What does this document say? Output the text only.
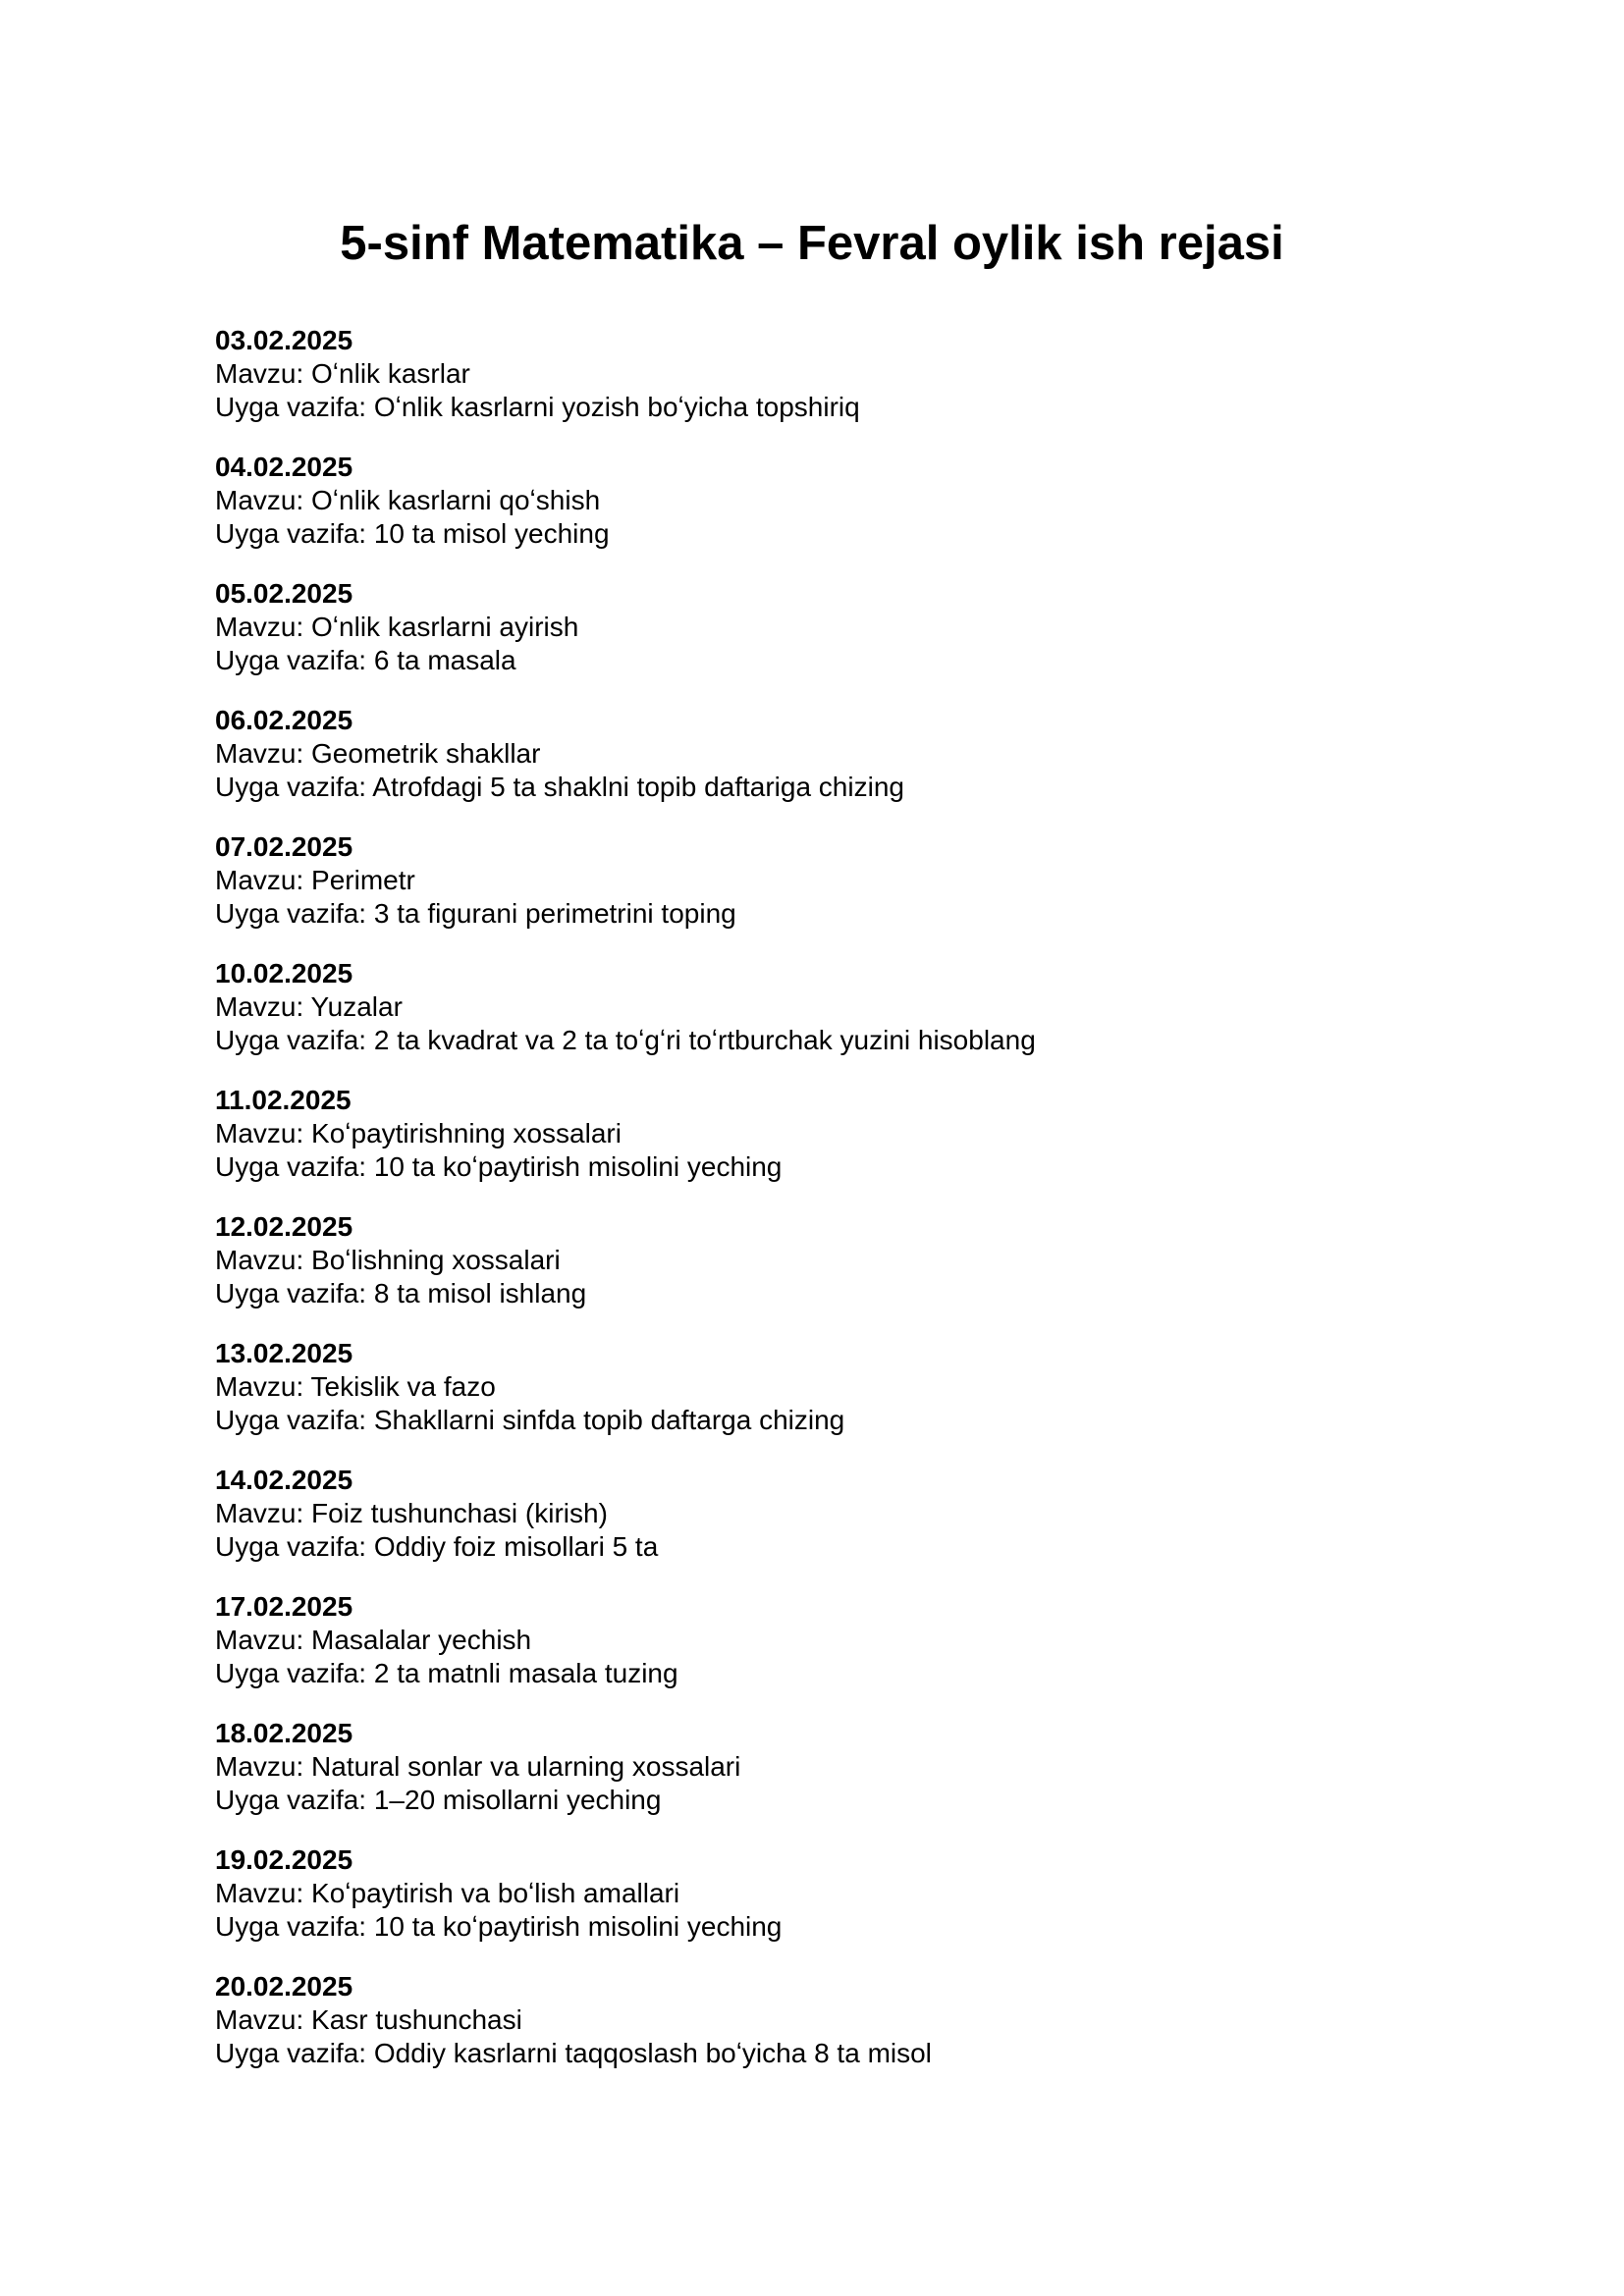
5-sinf Matematika – Fevral oylik ish rejasi
03.02.2025
Mavzu: Oʻnlik kasrlar
Uyga vazifa: Oʻnlik kasrlarni yozish boʻyicha topshiriq
04.02.2025
Mavzu: Oʻnlik kasrlarni qoʻshish
Uyga vazifa: 10 ta misol yeching
05.02.2025
Mavzu: Oʻnlik kasrlarni ayirish
Uyga vazifa: 6 ta masala
06.02.2025
Mavzu: Geometrik shakllar
Uyga vazifa: Atrofdagi 5 ta shaklni topib daftariga chizing
07.02.2025
Mavzu: Perimetr
Uyga vazifa: 3 ta figurani perimetrini toping
10.02.2025
Mavzu: Yuzalar
Uyga vazifa: 2 ta kvadrat va 2 ta toʻgʻri toʻrtburchak yuzini hisoblang
11.02.2025
Mavzu: Koʻpaytirishning xossalari
Uyga vazifa: 10 ta koʻpaytirish misolini yeching
12.02.2025
Mavzu: Boʻlishning xossalari
Uyga vazifa: 8 ta misol ishlang
13.02.2025
Mavzu: Tekislik va fazo
Uyga vazifa: Shakllarni sinfda topib daftarga chizing
14.02.2025
Mavzu: Foiz tushunchasi (kirish)
Uyga vazifa: Oddiy foiz misollari 5 ta
17.02.2025
Mavzu: Masalalar yechish
Uyga vazifa: 2 ta matnli masala tuzing
18.02.2025
Mavzu: Natural sonlar va ularning xossalari
Uyga vazifa: 1–20 misollarni yeching
19.02.2025
Mavzu: Koʻpaytirish va boʻlish amallari
Uyga vazifa: 10 ta koʻpaytirish misolini yeching
20.02.2025
Mavzu: Kasr tushunchasi
Uyga vazifa: Oddiy kasrlarni taqqoslash boʻyicha 8 ta misol
